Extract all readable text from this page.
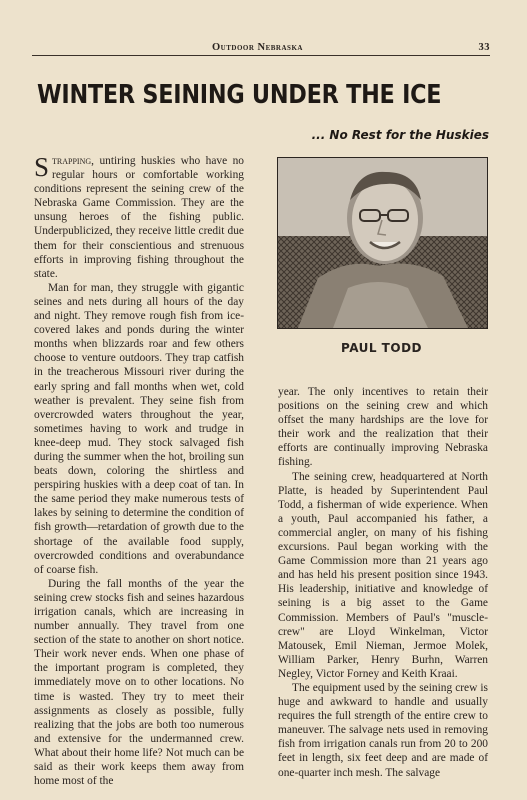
Outdoor Nebraska	33
WINTER SEINING UNDER THE ICE
... No Rest for the Huskies

Strapping, untiring huskies who have no regular hours or comfortable working conditions represent the seining crew of the Nebraska Game Commission. They are the unsung heroes of the fishing public. Underpublicized, they receive little credit due them for their conscientious and strenuous efforts in improving fishing throughout the state.

Man for man, they struggle with gigantic seines and nets during all hours of the day and night. They remove rough fish from ice-covered lakes and ponds during the winter months when blizzards roar and few others choose to venture outdoors. They trap catfish in the treacherous Missouri river during the early spring and fall months when wet, cold weather is prevalent. They seine fish from overcrowded waters throughout the year, sometimes having to work and trudge in knee-deep mud. They stock salvaged fish during the summer when the hot, broiling sun beats down, coloring the shirtless and perspiring huskies with a deep coat of tan. In the same period they make numerous tests of lakes by seining to determine the condition of fish growth—retardation of growth due to the shortage of the available food supply, overcrowded conditions and overabundance of coarse fish.

During the fall months of the year the seining crew stocks fish and seines hazardous irrigation canals, which are increasing in number annually. They travel from one section of the state to another on short notice. Their work never ends. When one phase of the important program is completed, they immediately move on to other locations. No time is wasted. They try to meet their assignments as closely as possible, fully realizing that the jobs are both too numerous and extensive for the undermanned crew. What about their home life? Not much can be said as their work keeps them away from home most of the

PAUL TODD

year. The only incentives to retain their positions on the seining crew and which offset the many hardships are the love for their work and the realization that their efforts are continually improving Nebraska fishing.

The seining crew, headquartered at North Platte, is headed by Superintendent Paul Todd, a fisherman of wide experience. When a youth, Paul accompanied his father, a commercial angler, on many of his fishing excursions. Paul began working with the Game Commission more than 21 years ago and has held his present position since 1943. His leadership, initiative and knowledge of seining is a big asset to the Game Commission. Members of Paul's "muscle-crew" are Lloyd Winkelman, Victor Matousek, Emil Nieman, Jermoe Molek, William Parker, Henry Burhn, Warren Negley, Victor Forney and Keith Kraai.

The equipment used by the seining crew is huge and awkward to handle and usually requires the full strength of the entire crew to maneuver. The salvage nets used in removing fish from irrigation canals run from 20 to 200 feet in length, six feet deep and are made of one-quarter inch mesh. The salvage
